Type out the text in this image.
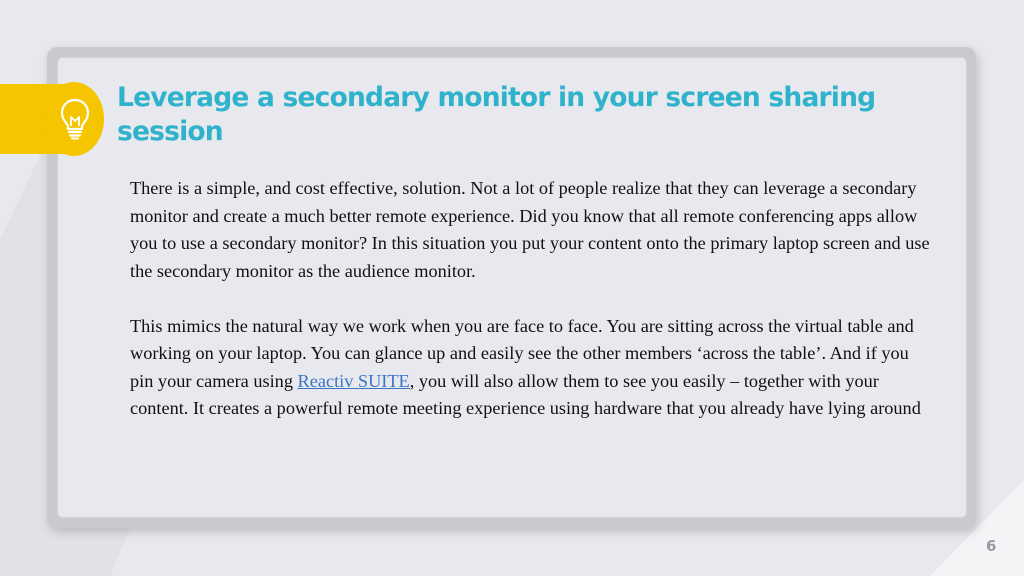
Leverage a secondary monitor in your screen sharing session

There is a simple, and cost effective, solution. Not a lot of people realize that they can leverage a secondary monitor and create a much better remote experience. Did you know that all remote conferencing apps allow you to use a secondary monitor? In this situation you put your content onto the primary laptop screen and use the secondary monitor as the audience monitor.

This mimics the natural way we work when you are face to face. You are sitting across the virtual table and working on your laptop. You can glance up and easily see the other members ‘across the table’. And if you pin your camera using Reactiv SUITE, you will also allow them to see you easily – together with your content. It creates a powerful remote meeting experience using hardware that you already have lying around

6
